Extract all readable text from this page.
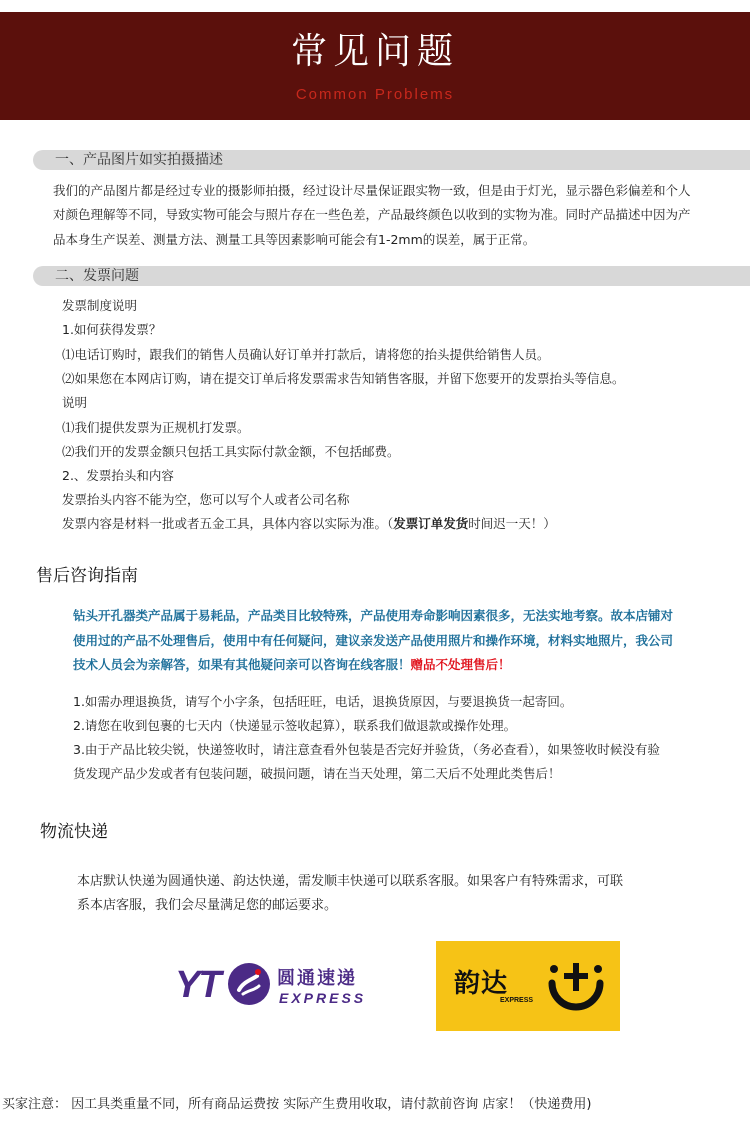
常见问题
Common Problems
一、产品图片如实拍摄描述
我们的产品图片都是经过专业的摄影师拍摄，经过设计尽量保证跟实物一致，但是由于灯光，显示器色彩偏差和个人
对颜色理解等不同，导致实物可能会与照片存在一些色差，产品最终颜色以收到的实物为准。同时产品描述中因为产
品本身生产误差、测量方法、测量工具等因素影响可能会有1-2mm的误差，属于正常。
二、发票问题
发票制度说明
1.如何获得发票？
⑴电话订购时，跟我们的销售人员确认好订单并打款后，请将您的抬头提供给销售人员。
⑵如果您在本网店订购，请在提交订单后将发票需求告知销售客服，并留下您要开的发票抬头等信息。
说明
⑴我们提供发票为正规机打发票。
⑵我们开的发票金额只包括工具实际付款金额，不包括邮费。
2.、发票抬头和内容
发票抬头内容不能为空，您可以写个人或者公司名称
发票内容是材料一批或者五金工具，具体内容以实际为准。（发票订单发货时间迟一天！）
售后咨询指南
钻头开孔器类产品属于易耗品，产品类目比较特殊，产品使用寿命影响因素很多，无法实地考察。故本店铺对
使用过的产品不处理售后，使用中有任何疑问，建议亲发送产品使用照片和操作环境，材料实地照片，我公司
技术人员会为亲解答，如果有其他疑问亲可以咨询在线客服！赠品不处理售后！
1.如需办理退换货，请写个小字条，包括旺旺，电话，退换货原因，与要退换货一起寄回。
2.请您在收到包裹的七天内（快递显示签收起算），联系我们做退款或操作处理。
3.由于产品比较尖锐，快递签收时，请注意查看外包装是否完好并验货，（务必查看），如果签收时候没有验
货发现产品少发或者有包装问题，破损问题，请在当天处理，第二天后不处理此类售后！
物流快递
本店默认快递为圆通快递、韵达快递，需发顺丰快递可以联系客服。如果客户有特殊需求，可联
系本店客服，我们会尽量满足您的邮运要求。
YT	圆通速递
EXPRESS	韵达
EXPRESS
买家注意： 因工具类重量不同，所有商品运费按 实际产生费用收取，请付款前咨询 店家！（快递费用)
